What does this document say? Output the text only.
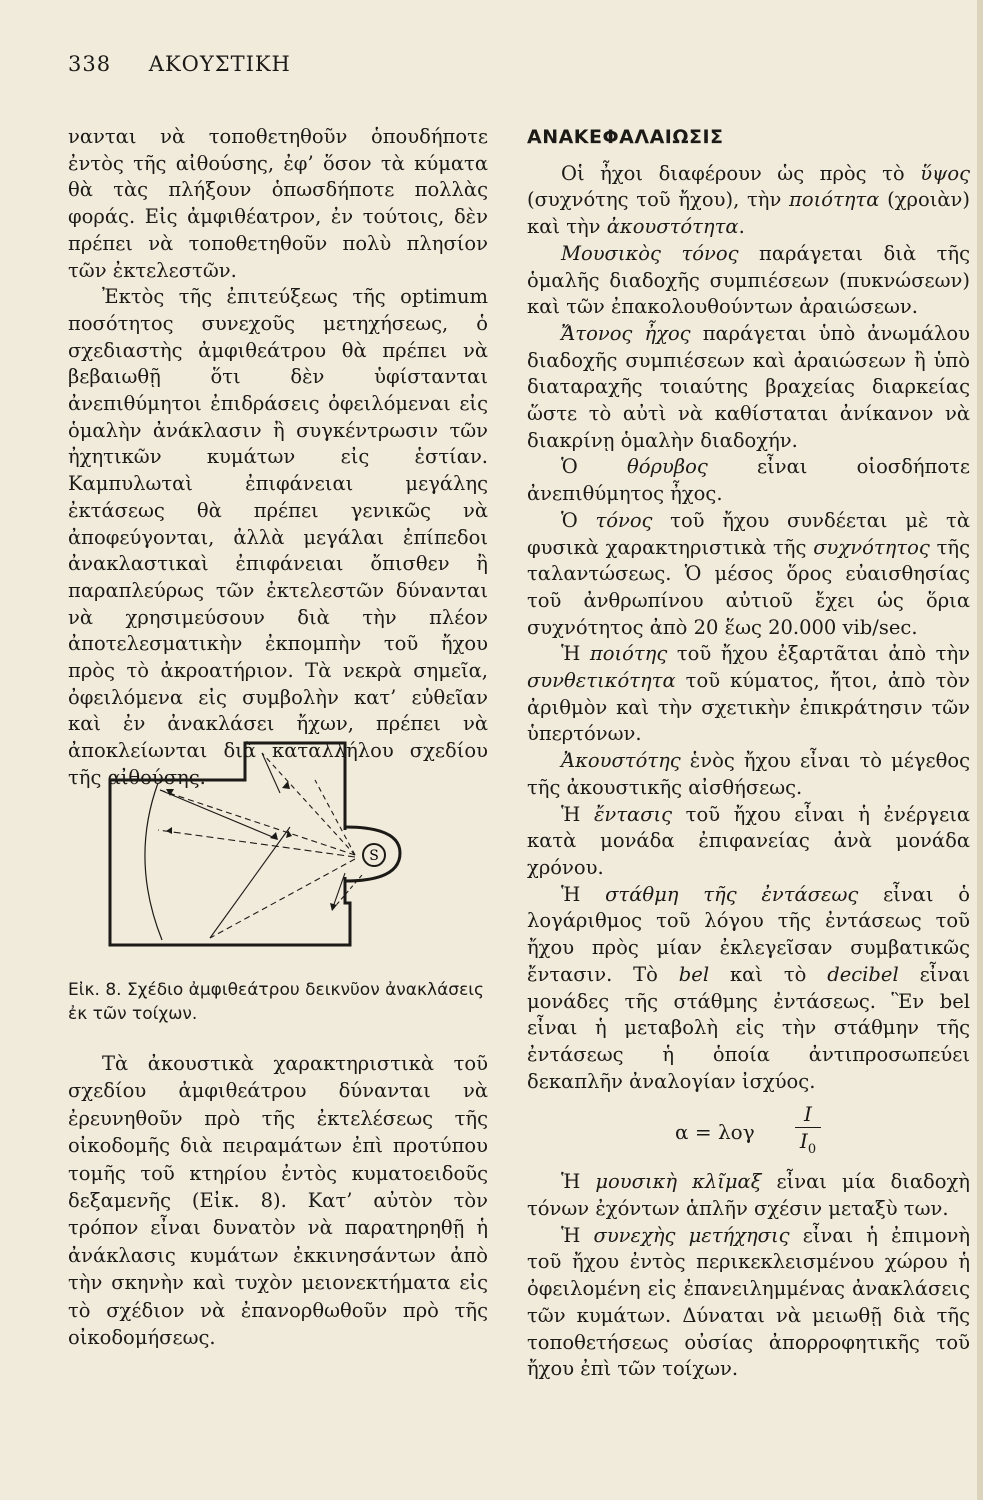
338 ΑΚΟΥΣΤΙΚΗ

νανται νὰ τοποθετηθοῦν ὁπουδήποτε ἐντὸς τῆς αἰθούσης, ἐφ’ ὅσον τὰ κύματα θὰ τὰς πλήξουν ὁπωσδήποτε πολλὰς φοράς. Εἰς ἀμφιθέατρον, ἐν τούτοις, δὲν πρέπει νὰ τοποθετηθοῦν πολὺ πλησίον τῶν ἐκτελεστῶν.

Ἐκτὸς τῆς ἐπιτεύξεως τῆς optimum ποσότητος συνεχοῦς μετηχήσεως, ὁ σχεδιαστὴς ἀμφιθεάτρου θὰ πρέπει νὰ βεβαιωθῇ ὅτι δὲν ὑφίστανται ἀνεπιθύμητοι ἐπιδράσεις ὀφειλόμεναι εἰς ὁμαλὴν ἀνάκλασιν ἢ συγκέντρωσιν τῶν ἠχητικῶν κυμάτων εἰς ἑστίαν. Καμπυλωταὶ ἐπιφάνειαι μεγάλης ἐκτάσεως θὰ πρέπει γενικῶς νὰ ἀποφεύγονται, ἀλλὰ μεγάλαι ἐπίπεδοι ἀνακλαστικαὶ ἐπιφάνειαι ὄπισθεν ἢ παραπλεύρως τῶν ἐκτελεστῶν δύνανται νὰ χρησιμεύσουν διὰ τὴν πλέον ἀποτελεσματικὴν ἐκπομπὴν τοῦ ἤχου πρὸς τὸ ἀκροατήριον. Τὰ νεκρὰ σημεῖα, ὀφειλόμενα εἰς συμβολὴν κατ’ εὐθεῖαν καὶ ἐν ἀνακλάσει ἤχων, πρέπει νὰ ἀποκλείωνται διὰ καταλλήλου σχεδίου τῆς αἰθούσης.

S
Εἰκ. 8. Σχέδιο ἀμφιθεάτρου δεικνῦον ἀνακλάσεις ἐκ τῶν τοίχων.

Τὰ ἀκουστικὰ χαρακτηριστικὰ τοῦ σχεδίου ἀμφιθεάτρου δύνανται νὰ ἐρευνηθοῦν πρὸ τῆς ἐκτελέσεως τῆς οἰκοδομῆς διὰ πειραμάτων ἐπὶ προτύπου τομῆς τοῦ κτηρίου ἐντὸς κυματοειδοῦς δεξαμενῆς (Εἰκ. 8). Κατ’ αὐτὸν τὸν τρόπον εἶναι δυνατὸν νὰ παρατηρηθῇ ἡ ἀνάκλασις κυμάτων ἐκκινησάντων ἀπὸ τὴν σκηνὴν καὶ τυχὸν μειονεκτήματα εἰς τὸ σχέδιον νὰ ἐπανορθωθοῦν πρὸ τῆς οἰκοδομήσεως.

ΑΝΑΚΕΦΑΛΑΙΩΣΙΣ

Οἱ ἦχοι διαφέρουν ὡς πρὸς τὸ ὕψος (συχνότης τοῦ ἤχου), τὴν ποιότητα (χροιὰν) καὶ τὴν ἀκουστότητα.

Μουσικὸς τόνος παράγεται διὰ τῆς ὁμαλῆς διαδοχῆς συμπιέσεων (πυκνώσεων) καὶ τῶν ἐπακολουθούντων ἀραιώσεων.

Ἄτονος ἦχος παράγεται ὑπὸ ἀνωμάλου διαδοχῆς συμπιέσεων καὶ ἀραιώσεων ἢ ὑπὸ διαταραχῆς τοιαύτης βραχείας διαρκείας ὥστε τὸ αὐτὶ νὰ καθίσταται ἀνίκανον νὰ διακρίνῃ ὁμαλὴν διαδοχήν.

Ὁ θόρυβος εἶναι οἱοσδήποτε ἀνεπιθύμητος ἦχος.

Ὁ τόνος τοῦ ἤχου συνδέεται μὲ τὰ φυσικὰ χαρακτηριστικὰ τῆς συχνότητος τῆς ταλαντώσεως. Ὁ μέσος ὅρος εὐαισθησίας τοῦ ἀνθρωπίνου αὐτιοῦ ἔχει ὡς ὅρια συχνότητος ἀπὸ 20 ἕως 20.000 vib/sec.

Ἡ ποιότης τοῦ ἤχου ἐξαρτᾶται ἀπὸ τὴν συνθετικότητα τοῦ κύματος, ἤτοι, ἀπὸ τὸν ἀριθμὸν καὶ τὴν σχετικὴν ἐπικράτησιν τῶν ὑπερτόνων.

Ἀκουστότης ἑνὸς ἤχου εἶναι τὸ μέγεθος τῆς ἀκουστικῆς αἰσθήσεως.

Ἡ ἔντασις τοῦ ἤχου εἶναι ἡ ἐνέργεια κατὰ μονάδα ἐπιφανείας ἀνὰ μονάδα χρόνου.

Ἡ στάθμη τῆς ἐντάσεως εἶναι ὁ λογάριθμος τοῦ λόγου τῆς ἐντάσεως τοῦ ἤχου πρὸς μίαν ἐκλεγεῖσαν συμβατικῶς ἔντασιν. Τὸ bel καὶ τὸ decibel εἶναι μονάδες τῆς στάθμης ἐντάσεως. Ἓν bel εἶναι ἡ μεταβολὴ εἰς τὴν στάθμην τῆς ἐντάσεως ἡ ὁποία ἀντιπροσωπεύει δεκαπλῆν ἀναλογίαν ἰσχύος.

α = λογ
I
$I_0$

Ἡ μουσικὴ κλῖμαξ εἶναι μία διαδοχὴ τόνων ἐχόντων ἁπλῆν σχέσιν μεταξὺ των.

Ἡ συνεχὴς μετήχησις εἶναι ἡ ἐπιμονὴ τοῦ ἤχου ἐντὸς περικεκλεισμένου χώρου ἡ ὀφειλομένη εἰς ἐπανειλημμένας ἀνακλάσεις τῶν κυμάτων. Δύναται νὰ μειωθῇ διὰ τῆς τοποθετήσεως οὐσίας ἀπορροφητικῆς τοῦ ἤχου ἐπὶ τῶν τοίχων.
